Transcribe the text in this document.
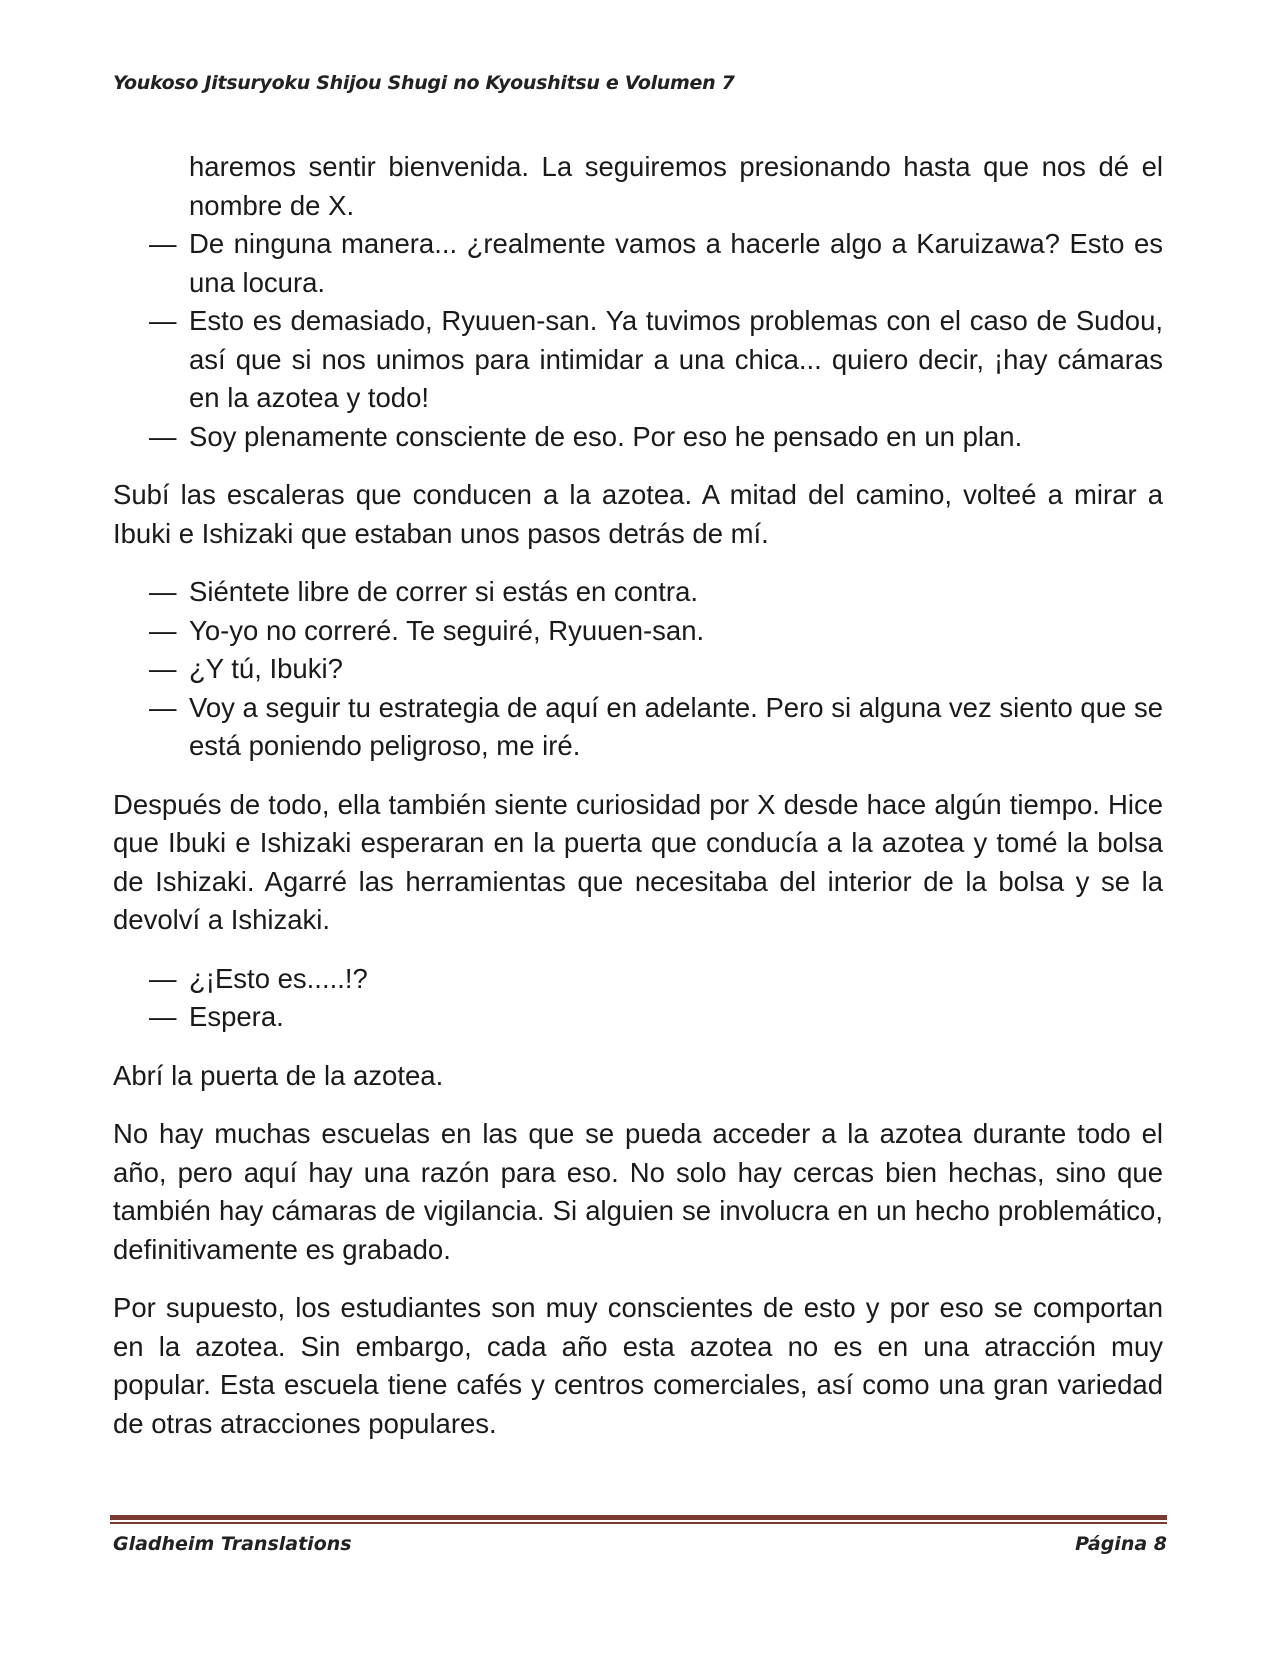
Youkoso Jitsuryoku Shijou Shugi no Kyoushitsu e Volumen 7
haremos sentir bienvenida. La seguiremos presionando hasta que nos dé el nombre de X.
— De ninguna manera... ¿realmente vamos a hacerle algo a Karuizawa? Esto es una locura.
— Esto es demasiado, Ryuuen-san. Ya tuvimos problemas con el caso de Sudou, así que si nos unimos para intimidar a una chica... quiero decir, ¡hay cámaras en la azotea y todo!
— Soy plenamente consciente de eso. Por eso he pensado en un plan.
Subí las escaleras que conducen a la azotea. A mitad del camino, volteé a mirar a Ibuki e Ishizaki que estaban unos pasos detrás de mí.
— Siéntete libre de correr si estás en contra.
— Yo-yo no correré. Te seguiré, Ryuuen-san.
— ¿Y tú, Ibuki?
— Voy a seguir tu estrategia de aquí en adelante. Pero si alguna vez siento que se está poniendo peligroso, me iré.
Después de todo, ella también siente curiosidad por X desde hace algún tiempo. Hice que Ibuki e Ishizaki esperaran en la puerta que conducía a la azotea y tomé la bolsa de Ishizaki. Agarré las herramientas que necesitaba del interior de la bolsa y se la devolví a Ishizaki.
— ¿¡Esto es.....!?
— Espera.
Abrí la puerta de la azotea.
No hay muchas escuelas en las que se pueda acceder a la azotea durante todo el año, pero aquí hay una razón para eso. No solo hay cercas bien hechas, sino que también hay cámaras de vigilancia. Si alguien se involucra en un hecho problemático, definitivamente es grabado.
Por supuesto, los estudiantes son muy conscientes de esto y por eso se comportan en la azotea. Sin embargo, cada año esta azotea no es en una atracción muy popular. Esta escuela tiene cafés y centros comerciales, así como una gran variedad de otras atracciones populares.
Gladheim Translations	Página 8
